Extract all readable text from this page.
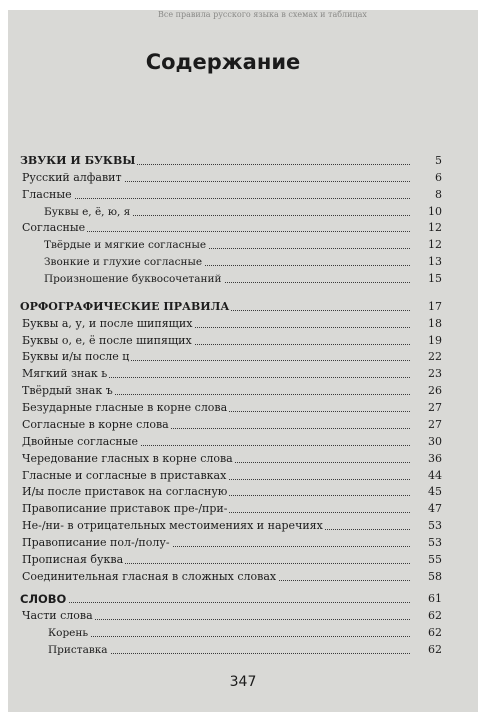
Все правила русского языка в схемах и таблицах
Содержание
ЗВУКИ И БУКВЫ	5
Русский алфавит	6
Гласные	8
Буквы е, ё, ю, я	10
Согласные	12
Твёрдые и мягкие согласные	12
Звонкие и глухие согласные	13
Произношение буквосочетаний	15
ОРФОГРАФИЧЕСКИЕ ПРАВИЛА	17
Буквы а, у, и после шипящих	18
Буквы о, е, ё после шипящих	19
Буквы и/ы после ц	22
Мягкий знак ь	23
Твёрдый знак ъ	26
Безударные гласные в корне слова	27
Согласные в корне слова	27
Двойные согласные	30
Чередование гласных в корне слова	36
Гласные и согласные в приставках	44
И/ы после приставок на согласную	45
Правописание приставок пре-/при-	47
Не-/ни- в отрицательных местоимениях и наречиях	53
Правописание пол-/полу-	53
Прописная буква	55
Соединительная гласная в сложных словах	58
СЛОВО	61
Части слова	62
Корень	62
Приставка	62
347
